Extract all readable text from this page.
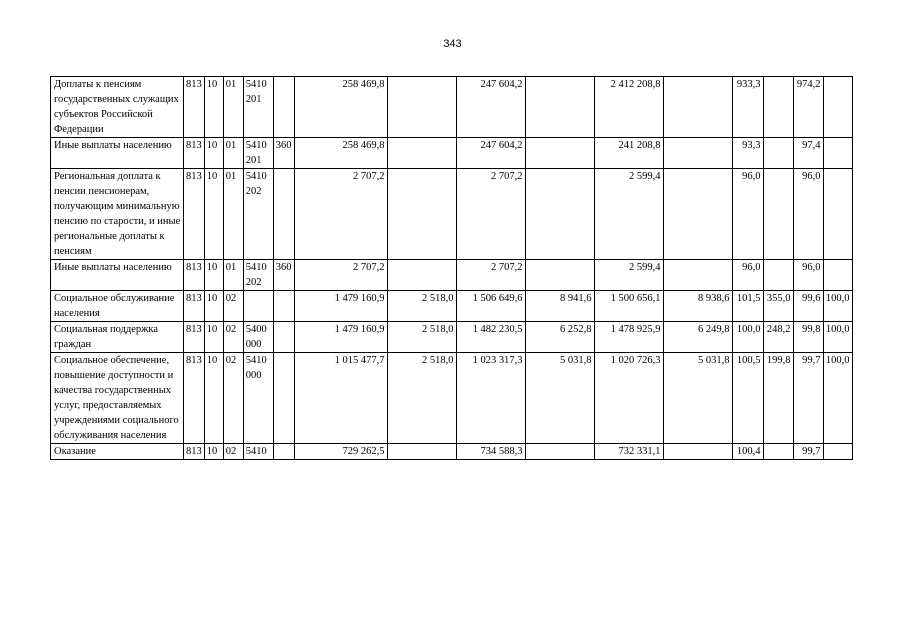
343
Доплаты к пенсиям государственных служащих субъектов Российской Федерации	813	10	01	5410 201		258 469,8		247 604,2		2 412 208,8		933,3		974,2	
Иные выплаты населению	813	10	01	5410 201	360	258 469,8		247 604,2		241 208,8		93,3		97,4	
Региональная доплата к пенсии пенсионерам, получающим минимальную пенсию по старости, и иные региональные доплаты к пенсиям	813	10	01	5410 202		2 707,2		2 707,2		2 599,4		96,0		96,0	
Иные выплаты населению	813	10	01	5410 202	360	2 707,2		2 707,2		2 599,4		96,0		96,0	
Социальное обслуживание населения	813	10	02			1 479 160,9	2 518,0	1 506 649,6	8 941,6	1 500 656,1	8 938,6	101,5	355,0	99,6	100,0
Социальная поддержка граждан	813	10	02	5400 000		1 479 160,9	2 518,0	1 482 230,5	6 252,8	1 478 925,9	6 249,8	100,0	248,2	99,8	100,0
Социальное обеспечение, повышение доступности и качества государственных услуг, предоставляемых учреждениями социального обслуживания населения	813	10	02	5410 000		1 015 477,7	2 518,0	1 023 317,3	5 031,8	1 020 726,3	5 031,8	100,5	199,8	99,7	100,0
Оказание	813	10	02	5410		729 262,5		734 588,3		732 331,1		100,4		99,7	
